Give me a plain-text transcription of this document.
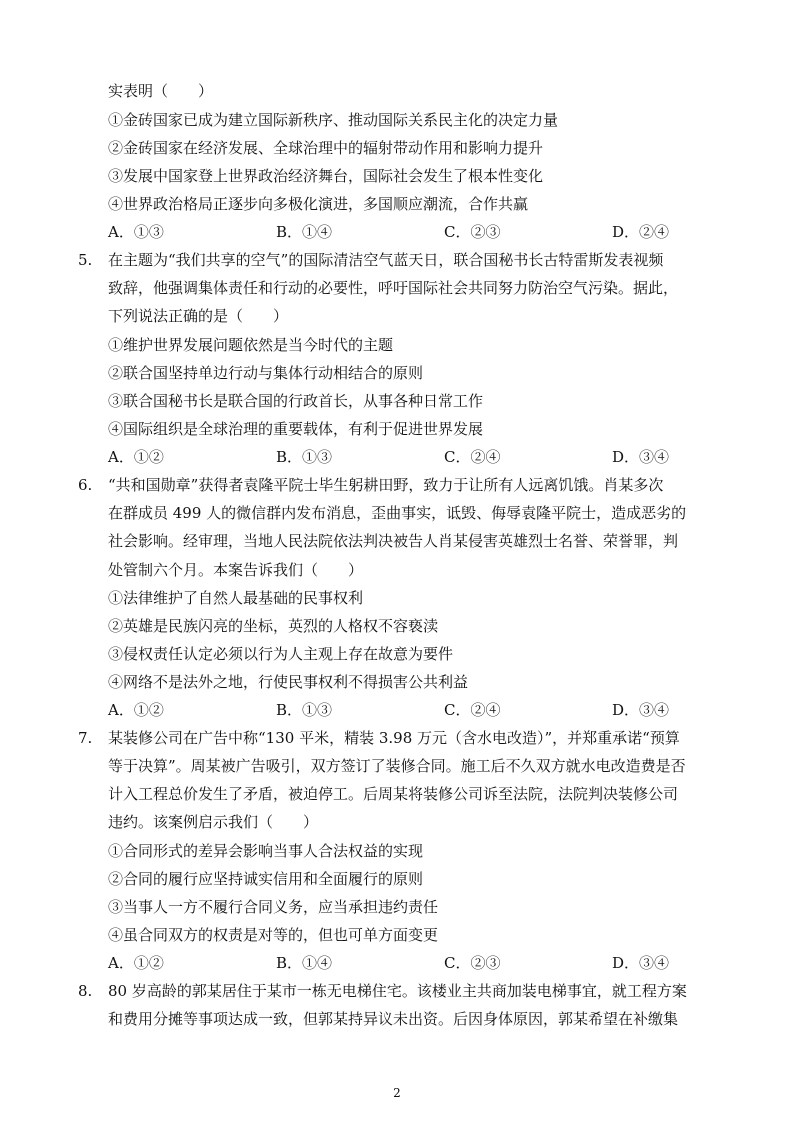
实表明（　　）
①金砖国家已成为建立国际新秩序、推动国际关系民主化的决定力量
②金砖国家在经济发展、全球治理中的辐射带动作用和影响力提升
③发展中国家登上世界政治经济舞台，国际社会发生了根本性变化
④世界政治格局正逐步向多极化演进，多国顺应潮流，合作共赢
A．①③	B．①④	C．②③	D．②④
5. 在主题为“我们共享的空气”的国际清洁空气蓝天日，联合国秘书长古特雷斯发表视频
致辞，他强调集体责任和行动的必要性，呼吁国际社会共同努力防治空气污染。据此，
下列说法正确的是（　　）
①维护世界发展问题依然是当今时代的主题
②联合国坚持单边行动与集体行动相结合的原则
③联合国秘书长是联合国的行政首长，从事各种日常工作
④国际组织是全球治理的重要载体，有利于促进世界发展
A．①②	B．①③	C．②④	D．③④
6. “共和国勋章”获得者袁隆平院士毕生躬耕田野，致力于让所有人远离饥饿。肖某多次
在群成员 499 人的微信群内发布消息，歪曲事实，诋毁、侮辱袁隆平院士，造成恶劣的
社会影响。经审理，当地人民法院依法判决被告人肖某侵害英雄烈士名誉、荣誉罪，判
处管制六个月。本案告诉我们（　　）
①法律维护了自然人最基础的民事权利
②英雄是民族闪亮的坐标，英烈的人格权不容亵渎
③侵权责任认定必须以行为人主观上存在故意为要件
④网络不是法外之地，行使民事权利不得损害公共利益
A．①②	B．①③	C．②④	D．③④
7. 某装修公司在广告中称“130 平米，精装 3.98 万元（含水电改造）”，并郑重承诺“预算
等于决算”。周某被广告吸引，双方签订了装修合同。施工后不久双方就水电改造费是否
计入工程总价发生了矛盾，被迫停工。后周某将装修公司诉至法院，法院判决装修公司
违约。该案例启示我们（　　）
①合同形式的差异会影响当事人合法权益的实现
②合同的履行应坚持诚实信用和全面履行的原则
③当事人一方不履行合同义务，应当承担违约责任
④虽合同双方的权责是对等的，但也可单方面变更
A．①②	B．①④	C．②③	D．③④
8. 80 岁高龄的郭某居住于某市一栋无电梯住宅。该楼业主共商加装电梯事宜，就工程方案
和费用分摊等事项达成一致，但郭某持异议未出资。后因身体原因，郭某希望在补缴集
2
